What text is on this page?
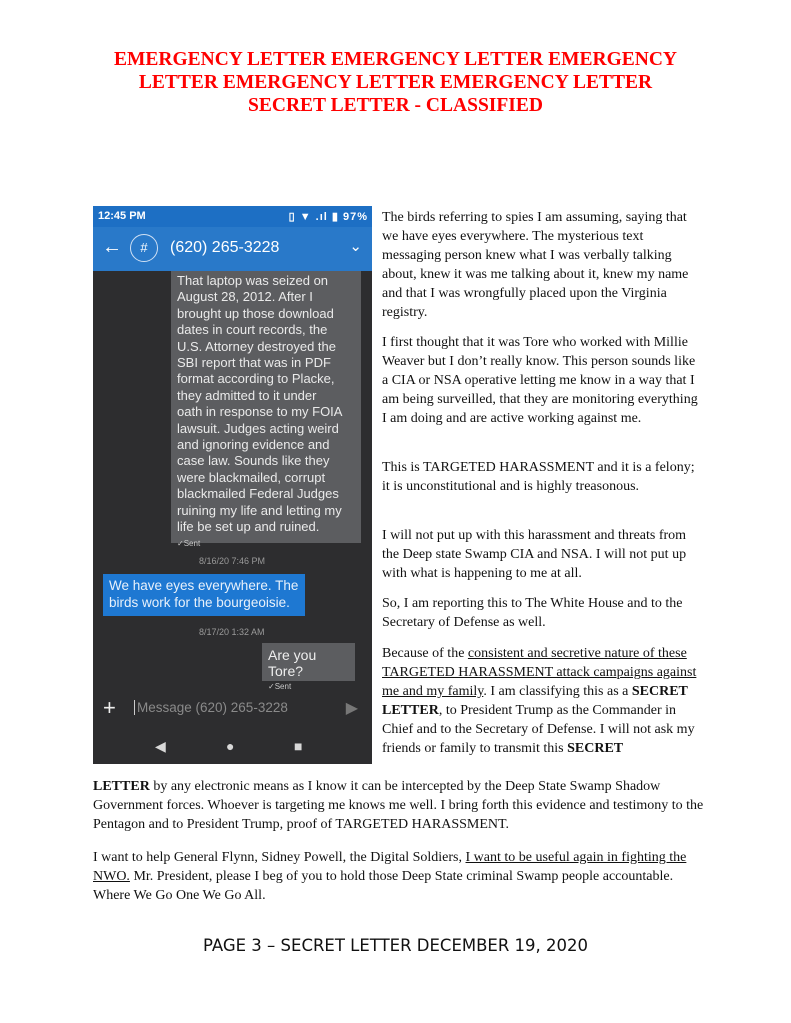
EMERGENCY LETTER EMERGENCY LETTER EMERGENCY
LETTER EMERGENCY LETTER EMERGENCY LETTER
SECRET LETTER - CLASSIFIED
12:45 PM	▯ ▼ .ıl ▮ 97%
←	#	(620) 265-3228	⌄
That laptop was seized on
August 28, 2012. After I
brought up those download
dates in court records, the
U.S. Attorney destroyed the
SBI report that was in PDF
format according to Placke,
they admitted to it under
oath in response to my FOIA
lawsuit. Judges acting weird
and ignoring evidence and
case law. Sounds like they
were blackmailed, corrupt
blackmailed Federal Judges
ruining my life and letting my
life be set up and ruined.
✓Sent
8/16/20 7:46 PM
We have eyes everywhere. The
birds work for the bourgeoisie.
8/17/20 1:32 AM
Are you Tore?
✓Sent
+ Message (620) 265-3228	▶
◀	●	■

The birds referring to spies I am assuming, saying that we have eyes everywhere. The mysterious text messaging person knew what I was verbally talking about, knew it was me talking about it, knew my name and that I was wrongfully placed upon the Virginia registry.

I first thought that it was Tore who worked with Millie Weaver but I don’t really know. This person sounds like a CIA or NSA operative letting me know in a way that I am being surveilled, that they are monitoring everything I am doing and are active working against me.

This is TARGETED HARASSMENT and it is a felony; it is unconstitutional and is highly treasonous.

I will not put up with this harassment and threats from the Deep state Swamp CIA and NSA. I will not put up with what is happening to me at all.

So, I am reporting this to The White House and to the Secretary of Defense as well.

Because of the consistent and secretive nature of these TARGETED HARASSMENT attack campaigns against me and my family. I am classifying this as a SECRET LETTER, to President Trump as the Commander in Chief and to the Secretary of Defense. I will not ask my friends or family to transmit this SECRET

LETTER by any electronic means as I know it can be intercepted by the Deep State Swamp Shadow Government forces. Whoever is targeting me knows me well. I bring forth this evidence and testimony to the Pentagon and to President Trump, proof of TARGETED HARASSMENT.

I want to help General Flynn, Sidney Powell, the Digital Soldiers, I want to be useful again in fighting the NWO. Mr. President, please I beg of you to hold those Deep State criminal Swamp people accountable. Where We Go One We Go All.

PAGE 3 – SECRET LETTER DECEMBER 19, 2020
